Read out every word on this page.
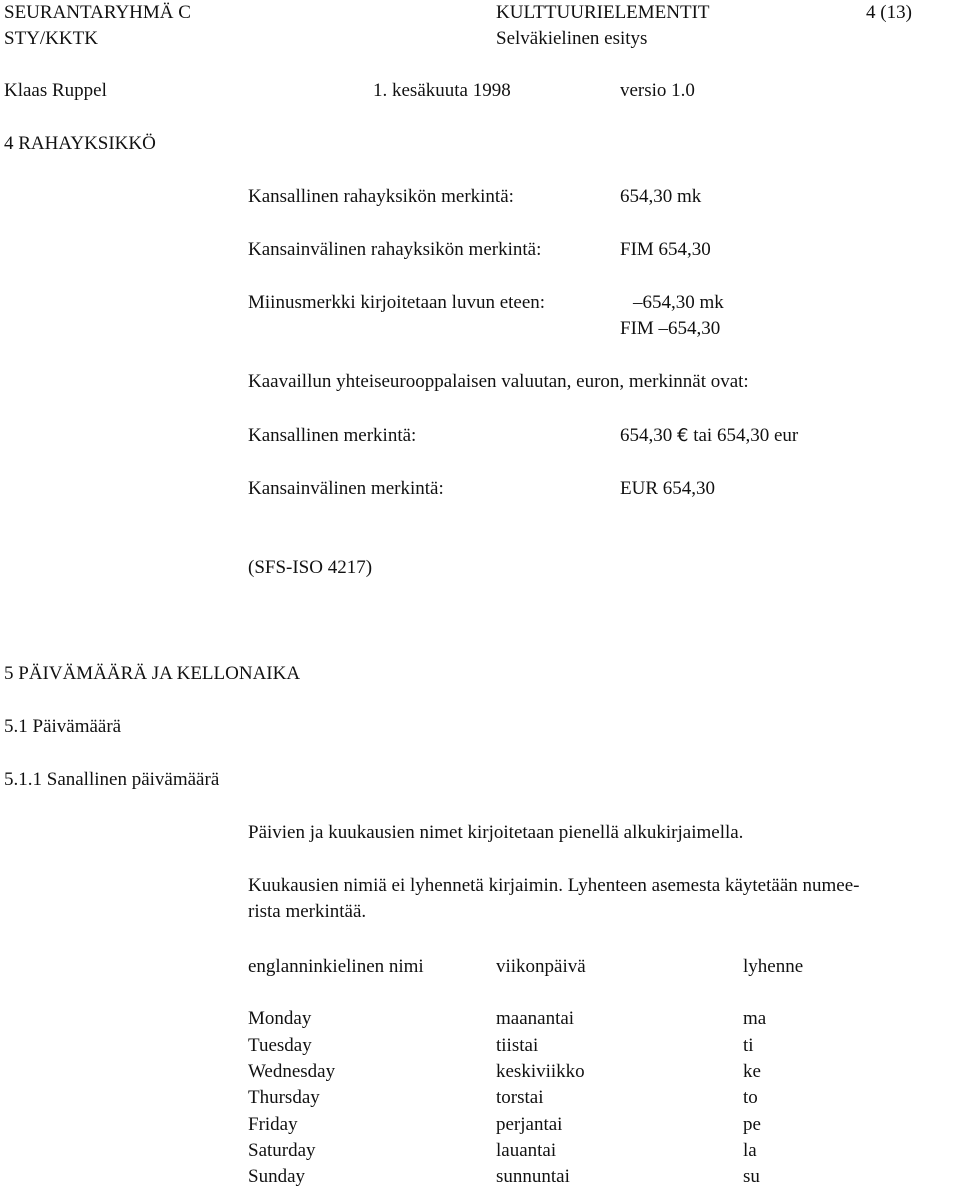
SEURANTARYHMÄ C
STY/KKTK
KULTTUURIELEMENTIT
Selväkielinen esitys
4 (13)
Klaas Ruppel	1. kesäkuuta 1998	versio 1.0
4 RAHAYKSIKKÖ
Kansallinen rahayksikön merkintä:	654,30 mk
Kansainvälinen rahayksikön merkintä:	FIM 654,30
Miinusmerkki kirjoitetaan luvun eteen:	–654,30 mk
FIM –654,30
Kaavaillun yhteiseurooppalaisen valuutan, euron, merkinnät ovat:
Kansallinen merkintä:	654,30 € tai 654,30 eur
Kansainvälinen merkintä:	EUR 654,30
(SFS-ISO 4217)
5 PÄIVÄMÄÄRÄ JA KELLONAIKA
5.1 Päivämäärä
5.1.1 Sanallinen päivämäärä
Päivien ja kuukausien nimet kirjoitetaan pienellä alkukirjaimella.
Kuukausien nimiä ei lyhennetä kirjaimin. Lyhenteen asemesta käytetään numee-
rista merkintää.
englanninkielinen nimi	viikonpäivä	lyhenne
Monday	maanantai	ma
Tuesday	tiistai	ti
Wednesday	keskiviikko	ke
Thursday	torstai	to
Friday	perjantai	pe
Saturday	lauantai	la
Sunday	sunnuntai	su
